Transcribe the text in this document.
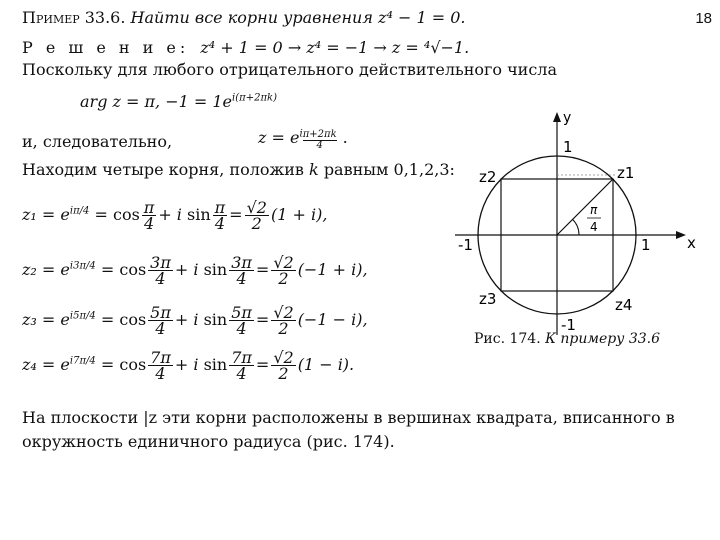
18
Пример 33.6. Найти все корни уравнения z⁴ − 1 = 0.
Р е ш е н и е: z⁴ + 1 = 0 → z⁴ = −1 → z = ⁴√−1.
Поскольку для любого отрицательного действительного числа
arg z = π, $-1 = 1e^{i(\pi+2\pi k)}$
и, следовательно,	$z = e^i \frac{\pi+2\pi k}{4}$ .
Находим четыре корня, положив k равным 0,1,2,3:
$z_1 = e^{i\pi/4} = \cos \frac{\pi}{4} + i$ $\sin \frac{\pi}{4} = \frac{√2}{2} (1 + i)$,
$z_2 = e^{i3\pi/4} = \cos \frac{3\pi}{4} + i$ $\sin \frac{3\pi}{4} = \frac{√2}{2} (-1 + i)$,
$z_3 = e^{i5\pi/4} = \cos \frac{5\pi}{4} + i$ $\sin \frac{5\pi}{4} = \frac{√2}{2} (-1 - i)$,
$z_4 = e^{i7\pi/4} = \cos \frac{7\pi}{4} + i$ $\sin \frac{7\pi}{4} = \frac{√2}{2} (1 - i)$.
На плоскости |z эти корни расположены в вершинах квадрата, вписанного в
окружность единичного радиуса (рис. 174).
y
x
1
1
-1
-1
z1
z2
z3	z4
π
4
Рис. 174. К примеру 33.6
